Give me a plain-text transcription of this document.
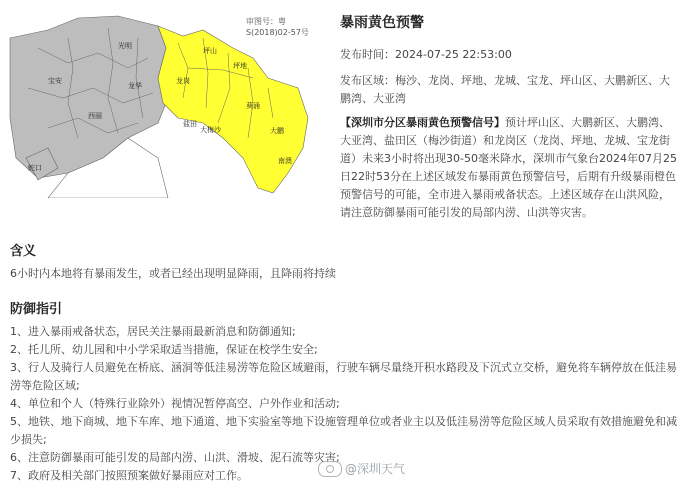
蛇口
西丽
宝安
光明
龙华
坪山
龙岗
坪地
盐田
大梅沙
葵涌
大鹏
南澳
审图号：粤S(2018)02-57号
暴雨黄色预警
发布时间：2024-07-25 22:53:00
发布区域：梅沙、龙岗、坪地、龙城、宝龙、坪山区、大鹏新区、大鹏湾、大亚湾
【深圳市分区暴雨黄色预警信号】预计坪山区、大鹏新区、大鹏湾、大亚湾、盐田区（梅沙街道）和龙岗区（龙岗、坪地、龙城、宝龙街道）未来3小时将出现30-50毫米降水，深圳市气象台2024年07月25日22时53分在上述区域发布暴雨黄色预警信号，后期有升级暴雨橙色预警信号的可能，全市进入暴雨戒备状态。上述区域存在山洪风险，请注意防御暴雨可能引发的局部内涝、山洪等灾害。
含义
6小时内本地将有暴雨发生，或者已经出现明显降雨，且降雨将持续
防御指引
1、进入暴雨戒备状态，居民关注暴雨最新消息和防御通知;
2、托儿所、幼儿园和中小学采取适当措施，保证在校学生安全;
3、行人及骑行人员避免在桥底、涵洞等低洼易涝等危险区域避雨，行驶车辆尽量绕开积水路段及下沉式立交桥，避免将车辆停放在低洼易涝等危险区域;
4、单位和个人（特殊行业除外）视情况暂停高空、户外作业和活动;
5、地铁、地下商城、地下车库、地下通道、地下实验室等地下设施管理单位或者业主以及低洼易涝等危险区域人员采取有效措施避免和减少损失;
6、注意防御暴雨可能引发的局部内涝、山洪、滑坡、泥石流等灾害;
7、政府及相关部门按照预案做好暴雨应对工作。	@深圳天气
